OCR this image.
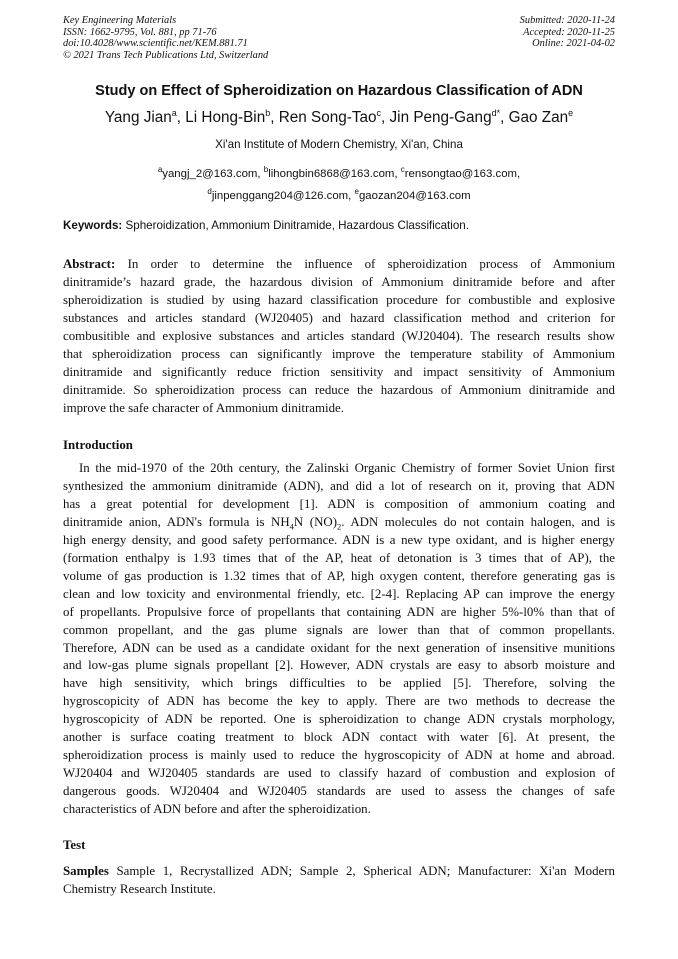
Key Engineering Materials
ISSN: 1662-9795, Vol. 881, pp 71-76
doi:10.4028/www.scientific.net/KEM.881.71
© 2021 Trans Tech Publications Ltd, Switzerland
Submitted: 2020-11-24
Accepted: 2020-11-25
Online: 2021-04-02
Study on Effect of Spheroidization on Hazardous Classification of ADN
Yang Jian$^a$, Li Hong-Bin$^b$, Ren Song-Tao$^c$, Jin Peng-Gang$^{d*}$, Gao Zan$^e$
Xi'an Institute of Modern Chemistry, Xi'an, China
$^a$yangj_2@163.com, $^b$lihongbin6868@163.com, $^c$rensongtao@163.com,
$^d$jinpenggang204@126.com, $^e$gaozan204@163.com
Keywords: Spheroidization, Ammonium Dinitramide, Hazardous Classification.
Abstract: In order to determine the influence of spheroidization process of Ammonium
dinitramide’s hazard grade, the hazardous division of Ammonium dinitramide before and after
spheroidization is studied by using hazard classification procedure for combustible and explosive
substances and articles standard (WJ20405) and hazard classification method and criterion for
combusitible and explosive substances and articles standard (WJ20404). The research results show
that spheroidization process can significantly improve the temperature stability of Ammonium
dinitramide and significantly reduce friction sensitivity and impact sensitivity of Ammonium
dinitramide. So spheroidization process can reduce the hazardous of Ammonium dinitramide and
improve the safe character of Ammonium dinitramide.
Introduction
In the mid-1970 of the 20th century, the Zalinski Organic Chemistry of former Soviet Union first
synthesized the ammonium dinitramide (ADN), and did a lot of research on it, proving that ADN
has a great potential for development [1]. ADN is composition of ammonium coating and
dinitramide anion, ADN's formula is $NH_4N$ $(NO)_2$. ADN molecules do not contain halogen, and is
high energy density, and good safety performance. ADN is a new type oxidant, and is higher energy
(formation enthalpy is 1.93 times that of the AP, heat of detonation is 3 times that of AP), the
volume of gas production is 1.32 times that of AP, high oxygen content, therefore generating gas is
clean and low toxicity and environmental friendly, etc. [2-4]. Replacing AP can improve the energy
of propellants. Propulsive force of propellants that containing ADN are higher 5%-l0% than that of
common propellant, and the gas plume signals are lower than that of common propellants.
Therefore, ADN can be used as a candidate oxidant for the next generation of insensitive munitions
and low-gas plume signals propellant [2]. However, ADN crystals are easy to absorb moisture and
have high sensitivity, which brings difficulties to be applied [5]. Therefore, solving the
hygroscopicity of ADN has become the key to apply. There are two methods to decrease the
hygroscopicity of ADN be reported. One is spheroidization to change ADN crystals morphology,
another is surface coating treatment to block ADN contact with water [6]. At present, the
spheroidization process is mainly used to reduce the hygroscopicity of ADN at home and abroad.
WJ20404 and WJ20405 standards are used to classify hazard of combustion and explosion of
dangerous goods. WJ20404 and WJ20405 standards are used to assess the changes of safe
characteristics of ADN before and after the spheroidization.
Test
Samples Sample 1, Recrystallized ADN; Sample 2, Spherical ADN; Manufacturer: Xi'an Modern
Chemistry Research Institute.
